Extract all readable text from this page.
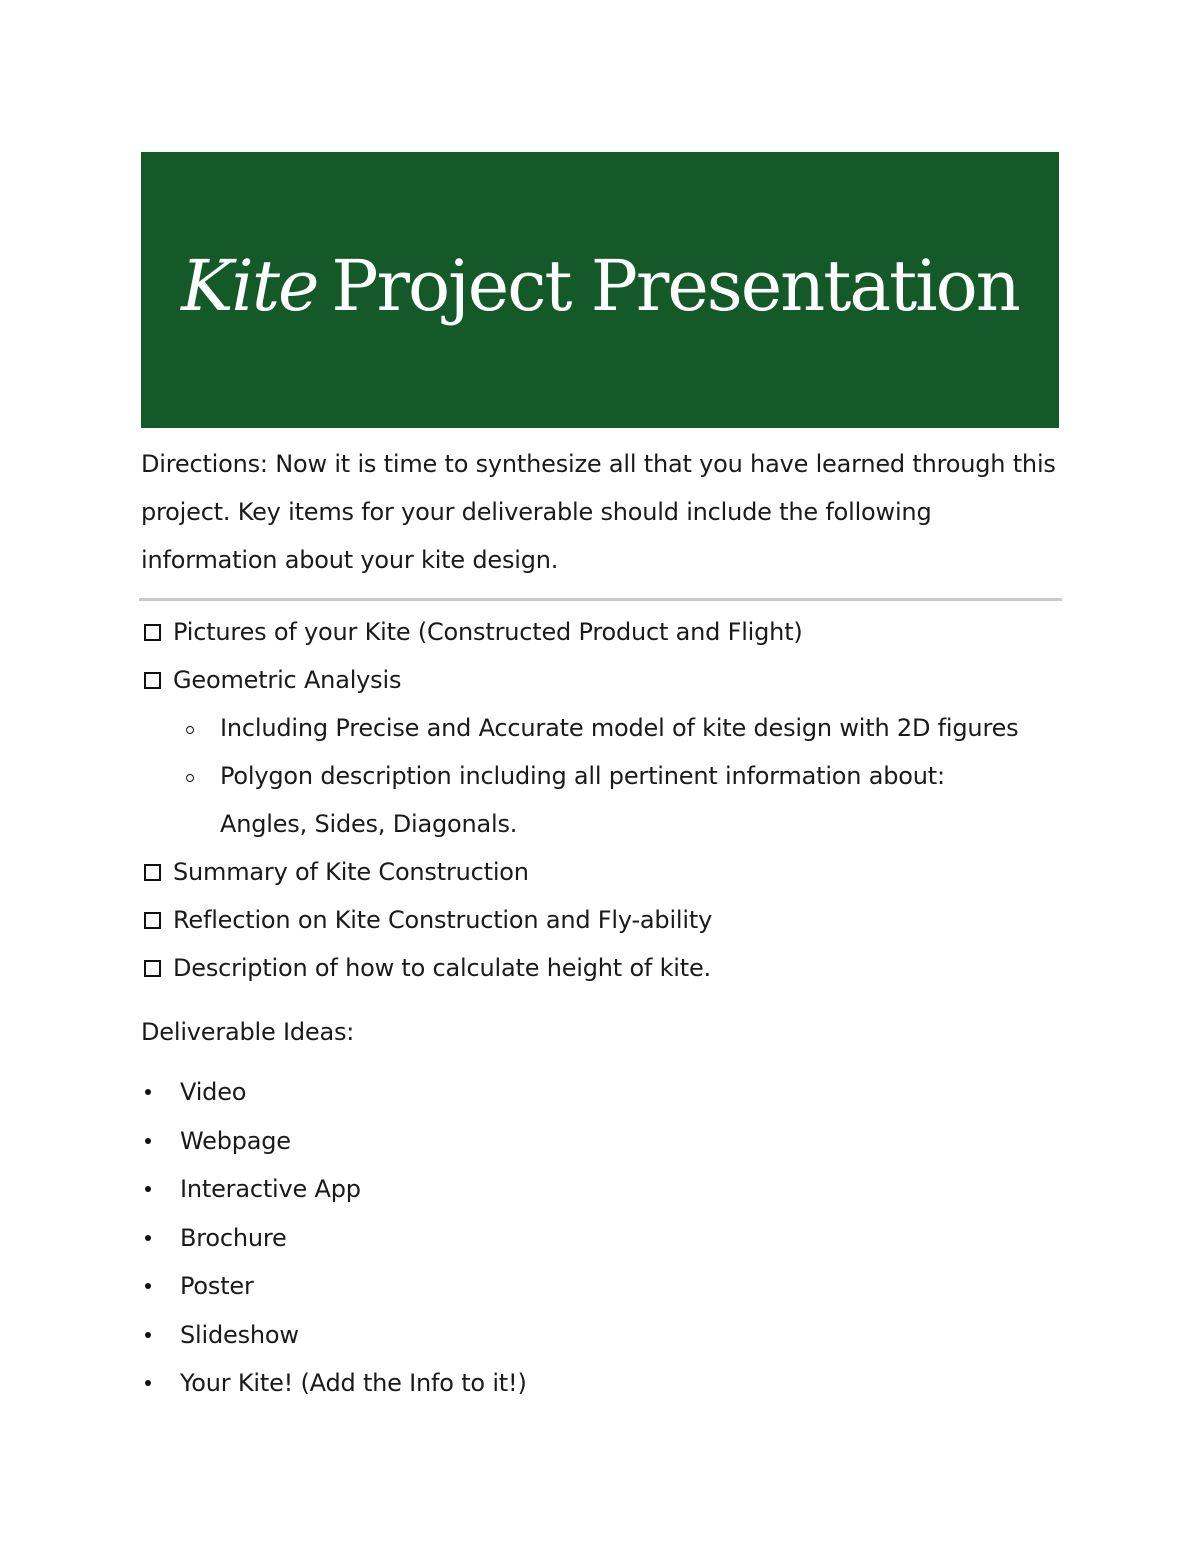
Kite Project Presentation
Directions: Now it is time to synthesize all that you have learned through this project. Key items for your deliverable should include the following information about your kite design.
Pictures of your Kite (Constructed Product and Flight)
Geometric Analysis
Including Precise and Accurate model of kite design with 2D figures
Polygon description including all pertinent information about:
Angles, Sides, Diagonals.
Summary of Kite Construction
Reflection on Kite Construction and Fly-ability
Description of how to calculate height of kite.
Deliverable Ideas:
Video
Webpage
Interactive App
Brochure
Poster
Slideshow
Your Kite! (Add the Info to it!)
